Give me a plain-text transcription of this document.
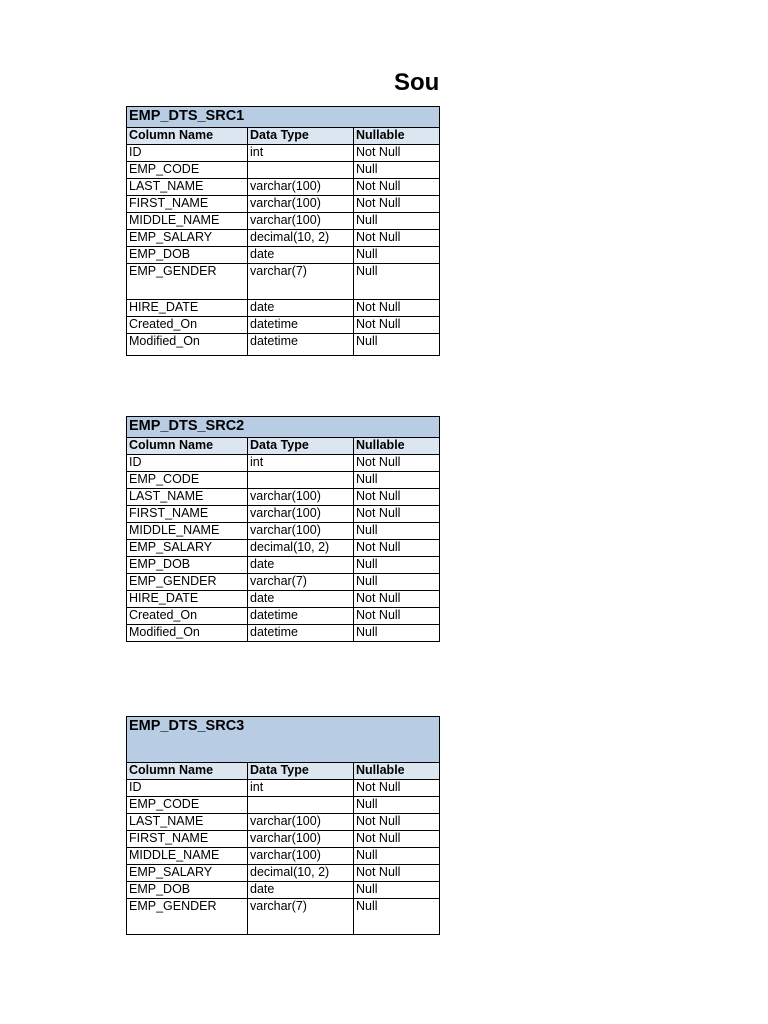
Sou
EMP_DTS_SRC1		
Column Name	Data Type	Nullable
ID	int	Not Null
EMP_CODE		Null
LAST_NAME	varchar(100)	Not Null
FIRST_NAME	varchar(100)	Not Null
MIDDLE_NAME	varchar(100)	Null
EMP_SALARY	decimal(10, 2)	Not Null
EMP_DOB	date	Null
EMP_GENDER	varchar(7)	Null
HIRE_DATE	date	Not Null
Created_On	datetime	Not Null
Modified_On	datetime	Null
EMP_DTS_SRC2		
Column Name	Data Type	Nullable
ID	int	Not Null
EMP_CODE		Null
LAST_NAME	varchar(100)	Not Null
FIRST_NAME	varchar(100)	Not Null
MIDDLE_NAME	varchar(100)	Null
EMP_SALARY	decimal(10, 2)	Not Null
EMP_DOB	date	Null
EMP_GENDER	varchar(7)	Null
HIRE_DATE	date	Not Null
Created_On	datetime	Not Null
Modified_On	datetime	Null
EMP_DTS_SRC3		
Column Name	Data Type	Nullable
ID	int	Not Null
EMP_CODE		Null
LAST_NAME	varchar(100)	Not Null
FIRST_NAME	varchar(100)	Not Null
MIDDLE_NAME	varchar(100)	Null
EMP_SALARY	decimal(10, 2)	Not Null
EMP_DOB	date	Null
EMP_GENDER	varchar(7)	Null
